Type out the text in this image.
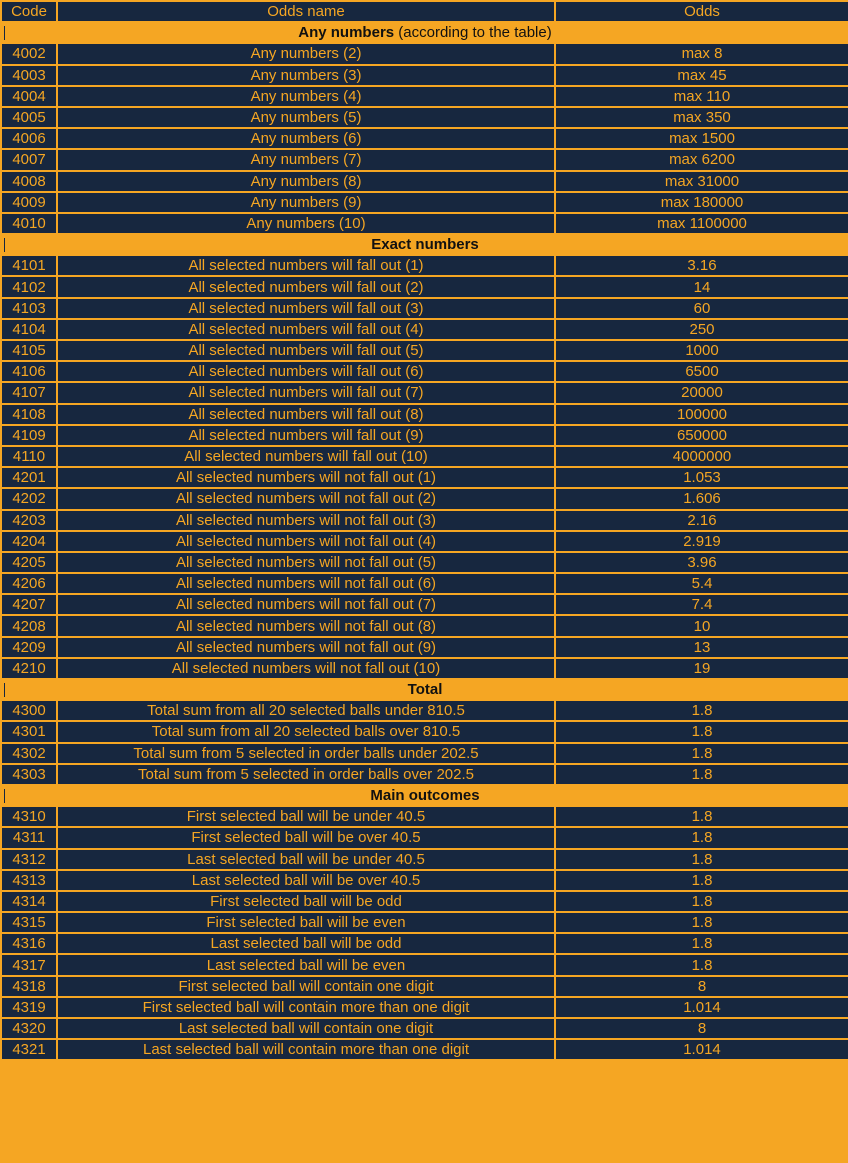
Code	Odds name	Odds

Any numbers (according to the table)		
4002	Any numbers (2)	max 8
4003	Any numbers (3)	max 45
4004	Any numbers (4)	max 110
4005	Any numbers (5)	max 350
4006	Any numbers (6)	max 1500
4007	Any numbers (7)	max 6200
4008	Any numbers (8)	max 31000
4009	Any numbers (9)	max 180000
4010	Any numbers (10)	max 1100000

Exact numbers		
4101	All selected numbers will fall out (1)	3.16
4102	All selected numbers will fall out (2)	14
4103	All selected numbers will fall out (3)	60
4104	All selected numbers will fall out (4)	250
4105	All selected numbers will fall out (5)	1000
4106	All selected numbers will fall out (6)	6500
4107	All selected numbers will fall out (7)	20000
4108	All selected numbers will fall out (8)	100000
4109	All selected numbers will fall out (9)	650000
4110	All selected numbers will fall out (10)	4000000
4201	All selected numbers will not fall out (1)	1.053
4202	All selected numbers will not fall out (2)	1.606
4203	All selected numbers will not fall out (3)	2.16
4204	All selected numbers will not fall out (4)	2.919
4205	All selected numbers will not fall out (5)	3.96
4206	All selected numbers will not fall out (6)	5.4
4207	All selected numbers will not fall out (7)	7.4
4208	All selected numbers will not fall out (8)	10
4209	All selected numbers will not fall out (9)	13
4210	All selected numbers will not fall out (10)	19

Total		
4300	Total sum from all 20 selected balls under 810.5	1.8
4301	Total sum from all 20 selected balls over 810.5	1.8
4302	Total sum from 5 selected in order balls under 202.5	1.8
4303	Total sum from 5 selected in order balls over 202.5	1.8

Main outcomes		
4310	First selected ball will be under 40.5	1.8
4311	First selected ball will be over 40.5	1.8
4312	Last selected ball will be under 40.5	1.8
4313	Last selected ball will be over 40.5	1.8
4314	First selected ball will be odd	1.8
4315	First selected ball will be even	1.8
4316	Last selected ball will be odd	1.8
4317	Last selected ball will be even	1.8
4318	First selected ball will contain one digit	8
4319	First selected ball will contain more than one digit	1.014
4320	Last selected ball will contain one digit	8
4321	Last selected ball will contain more than one digit	1.014
